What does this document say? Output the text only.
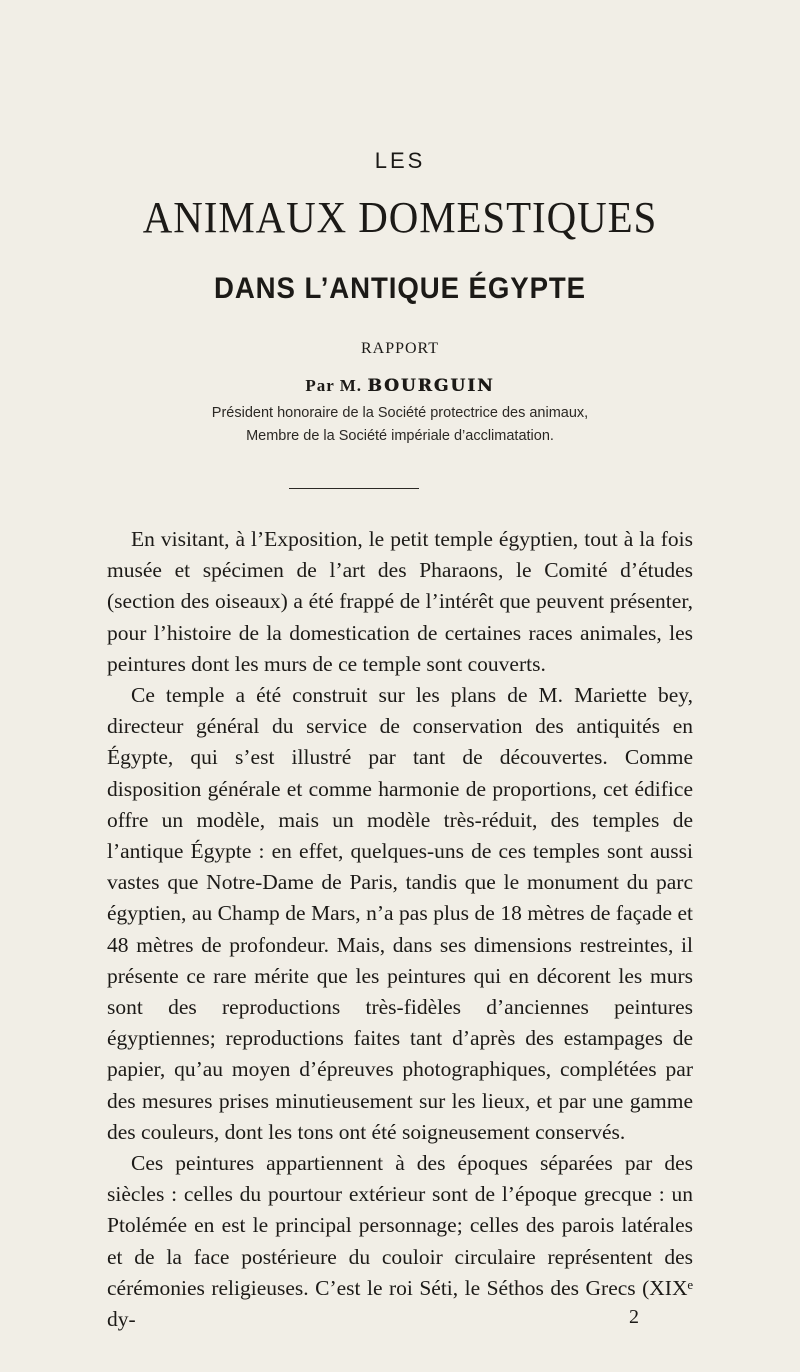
LES
ANIMAUX DOMESTIQUES
DANS L’ANTIQUE ÉGYPTE
RAPPORT
Par M. BOURGUIN
Président honoraire de la Société protectrice des animaux,
Membre de la Société impériale d’acclimatation.

En visitant, à l’Exposition, le petit temple égyptien, tout à la fois musée et spécimen de l’art des Pharaons, le Comité d’études (section des oiseaux) a été frappé de l’intérêt que peuvent présenter, pour l’histoire de la domestication de certaines races animales, les peintures dont les murs de ce temple sont couverts.

Ce temple a été construit sur les plans de M. Mariette bey, directeur général du service de conservation des antiquités en Égypte, qui s’est illustré par tant de découvertes. Comme disposition générale et comme harmonie de proportions, cet édifice offre un modèle, mais un modèle très-réduit, des temples de l’antique Égypte : en effet, quelques-uns de ces temples sont aussi vastes que Notre-Dame de Paris, tandis que le monument du parc égyptien, au Champ de Mars, n’a pas plus de 18 mètres de façade et 48 mètres de profondeur. Mais, dans ses dimensions restreintes, il présente ce rare mérite que les peintures qui en décorent les murs sont des reproductions très-fidèles d’anciennes peintures égyptiennes; reproductions faites tant d’après des estampages de papier, qu’au moyen d’épreuves photographiques, complétées par des mesures prises minutieusement sur les lieux, et par une gamme des couleurs, dont les tons ont été soigneusement conservés.

Ces peintures appartiennent à des époques séparées par des siècles : celles du pourtour extérieur sont de l’époque grecque : un Ptolémée en est le principal personnage; celles des parois latérales et de la face postérieure du couloir circulaire représentent des cérémonies religieuses. C’est le roi Séti, le Séthos des Grecs (XIXᵉ dy-	2
